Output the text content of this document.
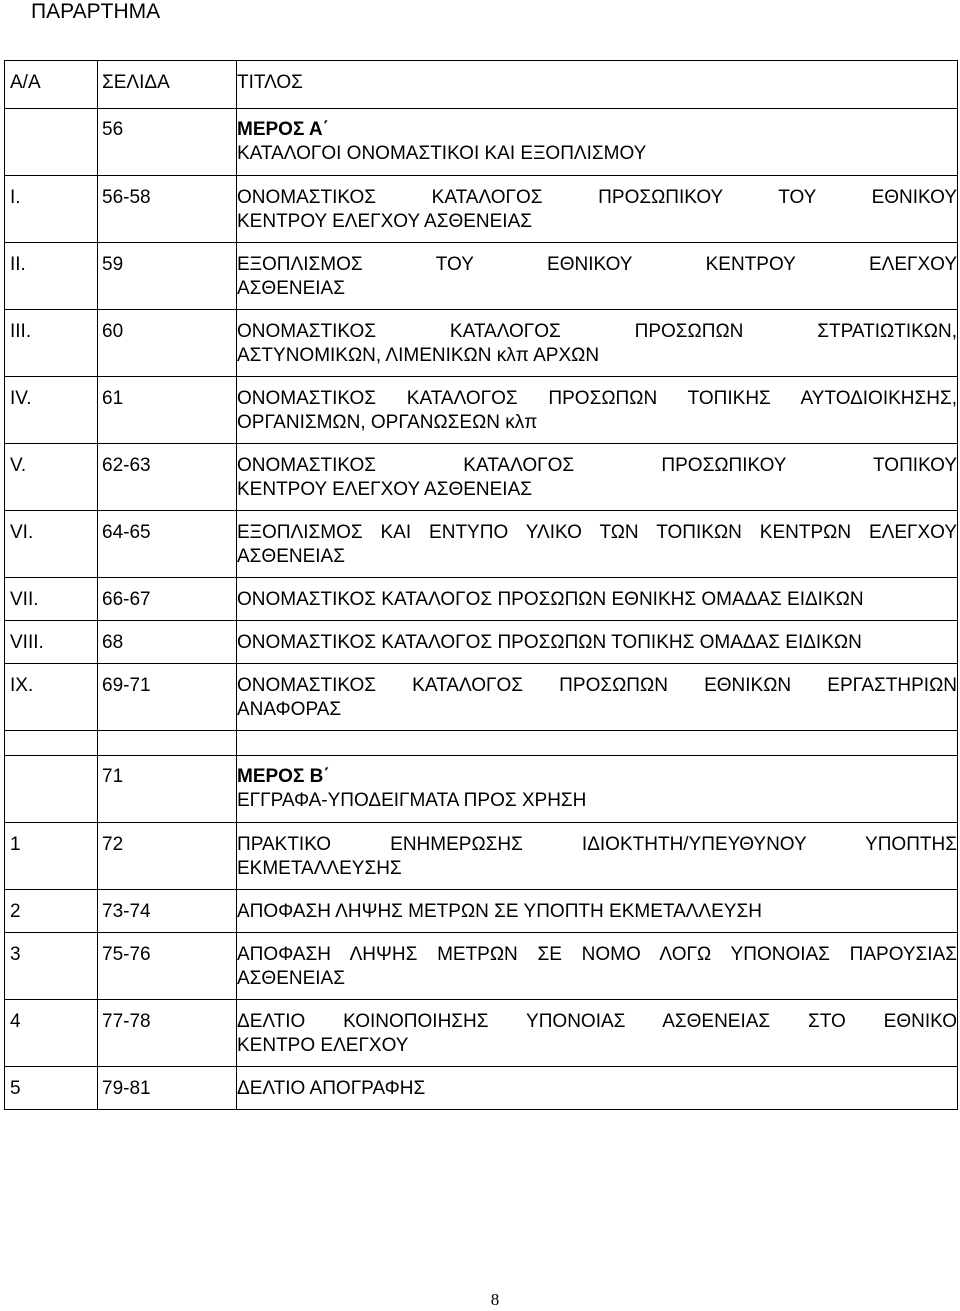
ΠΑΡΑΡΤΗΜΑ
Α/Α	ΣΕΛΙΔΑ	ΤΙΤΛΟΣ

	56	ΜΕΡΟΣ Α΄
ΚΑΤΑΛΟΓΟΙ ΟΝΟΜΑΣΤΙΚΟΙ ΚΑΙ ΕΞΟΠΛΙΣΜΟΥ

I.	56-58	ΟΝΟΜΑΣΤΙΚΟΣ ΚΑΤΑΛΟΓΟΣ ΠΡΟΣΩΠΙΚΟΥ ΤΟΥ ΕΘΝΙΚΟΥ
ΚΕΝΤΡΟΥ ΕΛΕΓΧΟΥ ΑΣΘΕΝΕΙΑΣ

II.	59	ΕΞΟΠΛΙΣΜΟΣ ΤΟΥ ΕΘΝΙΚΟΥ ΚΕΝΤΡΟΥ ΕΛΕΓΧΟΥ
ΑΣΘΕΝΕΙΑΣ

III.	60	ΟΝΟΜΑΣΤΙΚΟΣ ΚΑΤΑΛΟΓΟΣ ΠΡΟΣΩΠΩΝ ΣΤΡΑΤΙΩΤΙΚΩΝ,
ΑΣΤΥΝΟΜΙΚΩΝ, ΛΙΜΕΝΙΚΩΝ κλπ ΑΡΧΩΝ

IV.	61	ΟΝΟΜΑΣΤΙΚΟΣ ΚΑΤΑΛΟΓΟΣ ΠΡΟΣΩΠΩΝ ΤΟΠΙΚΗΣ ΑΥΤΟΔΙΟΙΚΗΣΗΣ,
ΟΡΓΑΝΙΣΜΩΝ, ΟΡΓΑΝΩΣΕΩΝ κλπ

V.	62-63	ΟΝΟΜΑΣΤΙΚΟΣ ΚΑΤΑΛΟΓΟΣ ΠΡΟΣΩΠΙΚΟΥ ΤΟΠΙΚΟΥ
ΚΕΝΤΡΟΥ ΕΛΕΓΧΟΥ ΑΣΘΕΝΕΙΑΣ

VI.	64-65	ΕΞΟΠΛΙΣΜΟΣ ΚΑΙ ΕΝΤΥΠΟ ΥΛΙΚΟ ΤΩΝ ΤΟΠΙΚΩΝ ΚΕΝΤΡΩΝ ΕΛΕΓΧΟΥ
ΑΣΘΕΝΕΙΑΣ

VII.	66-67	ΟΝΟΜΑΣΤΙΚΟΣ ΚΑΤΑΛΟΓΟΣ ΠΡΟΣΩΠΩΝ ΕΘΝΙΚΗΣ ΟΜΑΔΑΣ ΕΙΔΙΚΩΝ

VIII.	68	ΟΝΟΜΑΣΤΙΚΟΣ ΚΑΤΑΛΟΓΟΣ ΠΡΟΣΩΠΩΝ ΤΟΠΙΚΗΣ ΟΜΑΔΑΣ ΕΙΔΙΚΩΝ

IX.	69-71	ΟΝΟΜΑΣΤΙΚΟΣ ΚΑΤΑΛΟΓΟΣ ΠΡΟΣΩΠΩΝ ΕΘΝΙΚΩΝ ΕΡΓΑΣΤΗΡΙΩΝ
ΑΝΑΦΟΡΑΣ

	71	ΜΕΡΟΣ Β΄
ΕΓΓΡΑΦΑ-ΥΠΟΔΕΙΓΜΑΤΑ ΠΡΟΣ ΧΡΗΣΗ

1	72	ΠΡΑΚΤΙΚΟ ΕΝΗΜΕΡΩΣΗΣ ΙΔΙΟΚΤΗΤΗ/ΥΠΕΥΘΥΝΟΥ ΥΠΟΠΤΗΣ
ΕΚΜΕΤΑΛΛΕΥΣΗΣ

2	73-74	ΑΠΟΦΑΣΗ ΛΗΨΗΣ ΜΕΤΡΩΝ ΣΕ ΥΠΟΠΤΗ ΕΚΜΕΤΑΛΛΕΥΣΗ

3	75-76	ΑΠΟΦΑΣΗ ΛΗΨΗΣ ΜΕΤΡΩΝ ΣΕ ΝΟΜΟ ΛΟΓΩ ΥΠΟΝΟΙΑΣ ΠΑΡΟΥΣΙΑΣ
ΑΣΘΕΝΕΙΑΣ

4	77-78	ΔΕΛΤΙΟ ΚΟΙΝΟΠΟΙΗΣΗΣ ΥΠΟΝΟΙΑΣ ΑΣΘΕΝΕΙΑΣ ΣΤΟ ΕΘΝΙΚΟ
ΚΕΝΤΡΟ ΕΛΕΓΧΟΥ

5	79-81	ΔΕΛΤΙΟ ΑΠΟΓΡΑΦΗΣ
8
